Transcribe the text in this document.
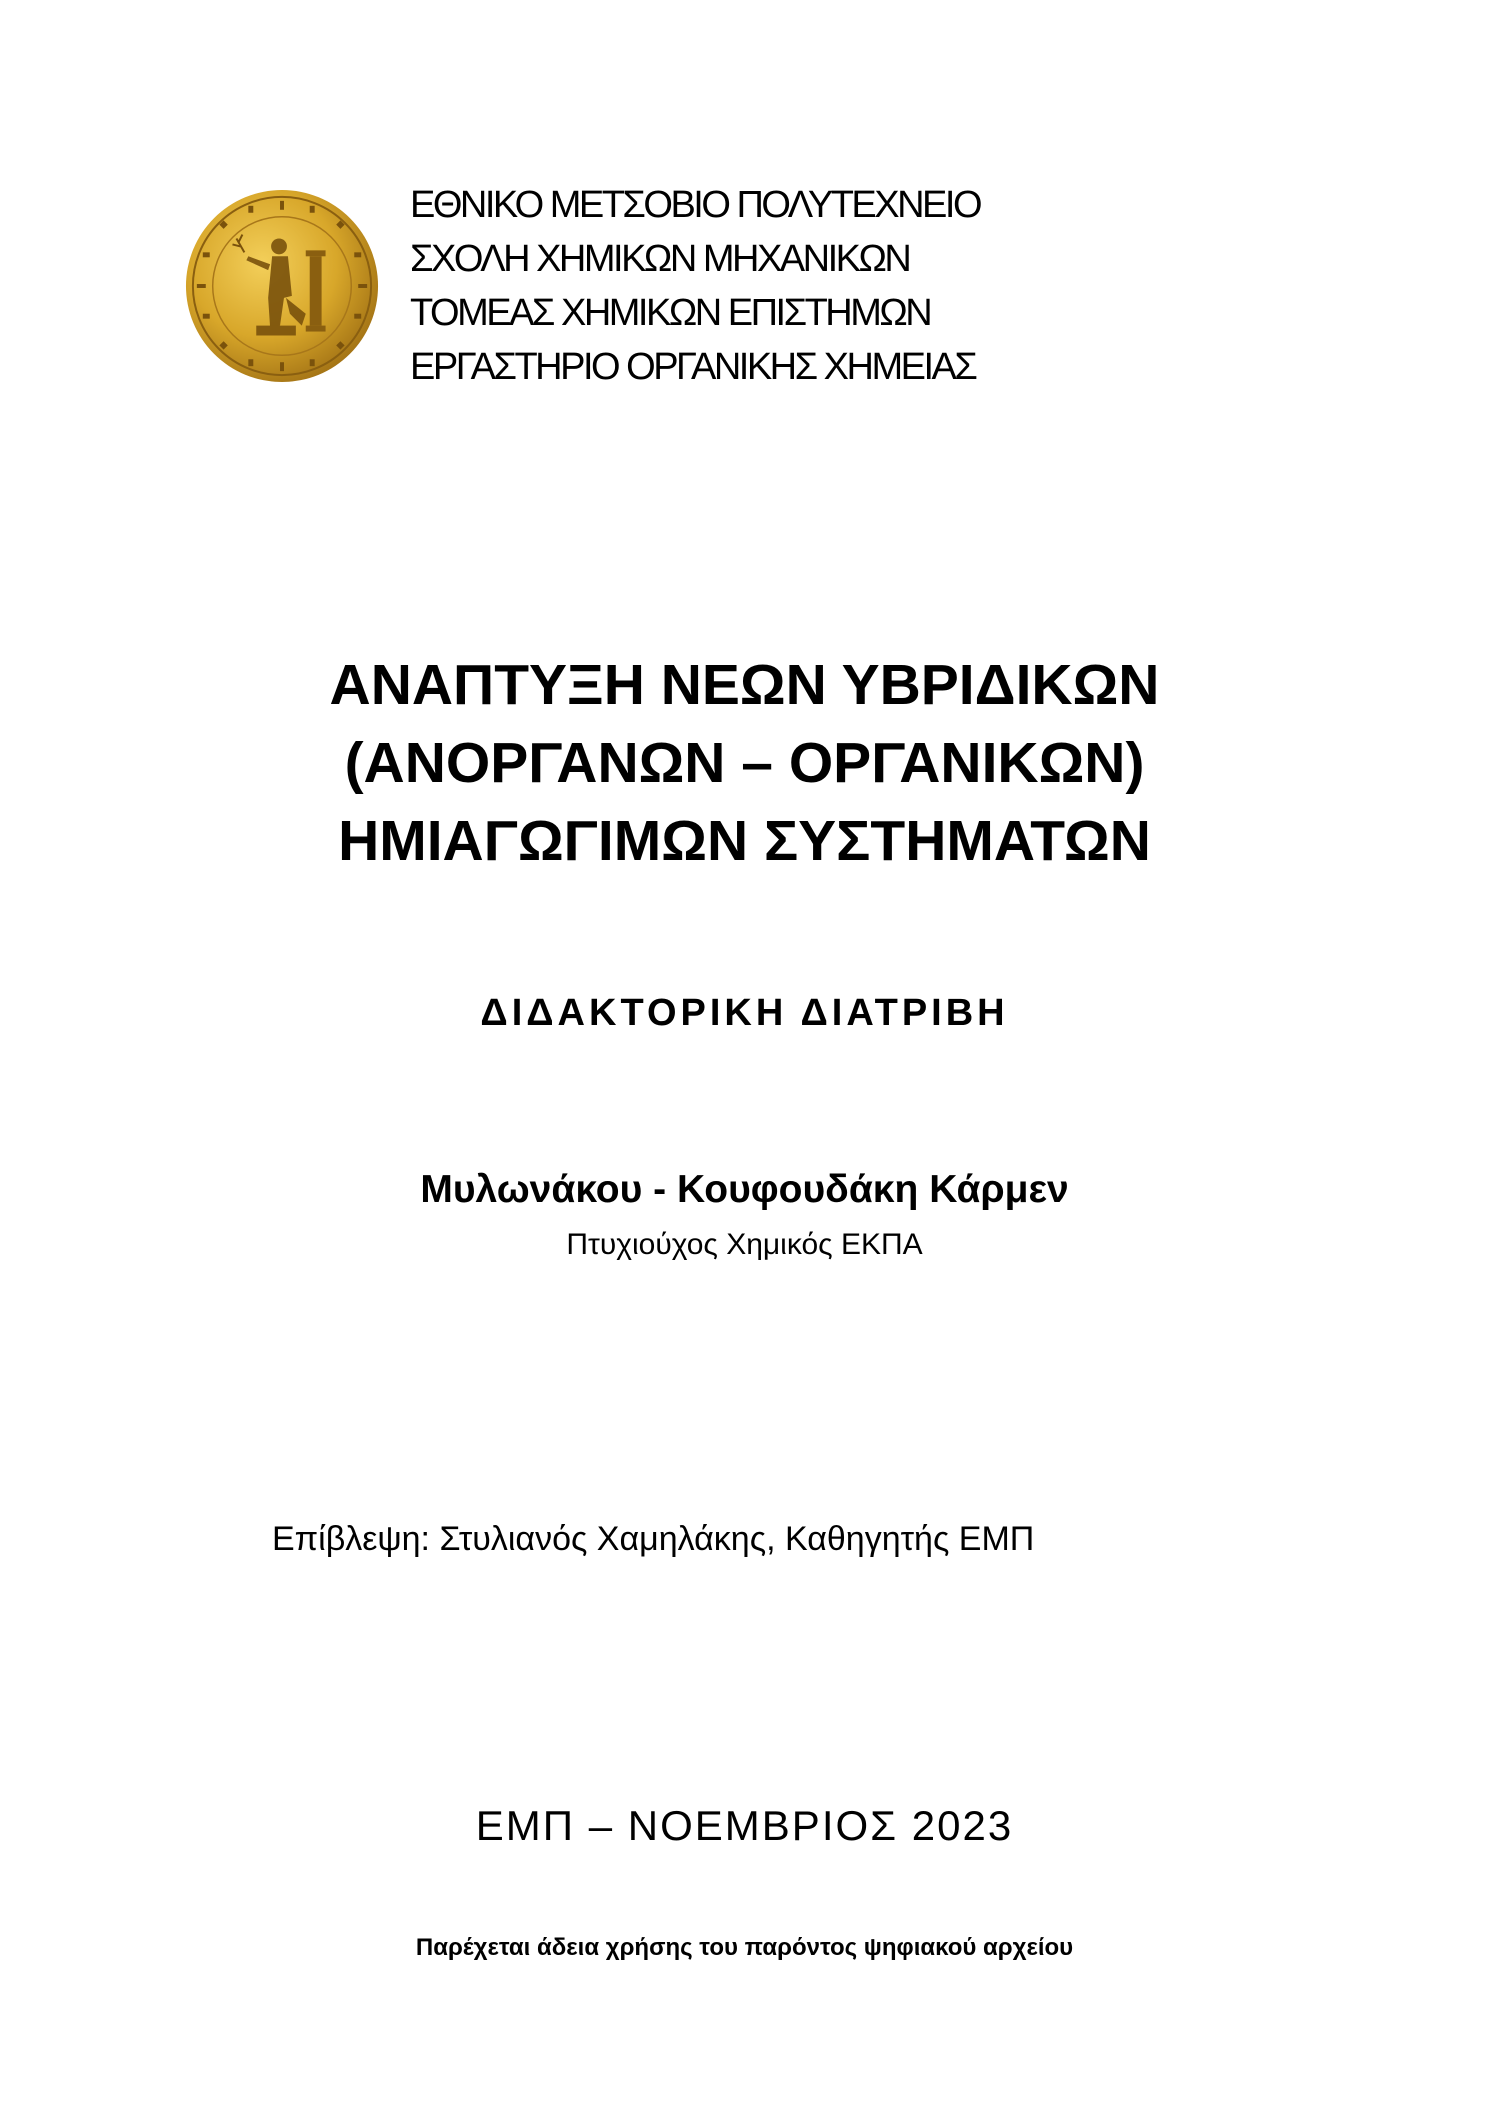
ΕΘΝΙΚΟ ΜΕΤΣΟΒΙΟ ΠΟΛΥΤΕΧΝΕΙΟ
ΣΧΟΛΗ ΧΗΜΙΚΩΝ ΜΗΧΑΝΙΚΩΝ
ΤΟΜΕΑΣ ΧΗΜΙΚΩΝ ΕΠΙΣΤΗΜΩΝ
ΕΡΓΑΣΤΗΡΙΟ ΟΡΓΑΝΙΚΗΣ ΧΗΜΕΙΑΣ
ΑΝΑΠΤΥΞΗ ΝΕΩΝ ΥΒΡΙΔΙΚΩΝ
(ΑΝΟΡΓΑΝΩΝ – ΟΡΓΑΝΙΚΩΝ)
ΗΜΙΑΓΩΓΙΜΩΝ ΣΥΣΤΗΜΑΤΩΝ
ΔΙΔΑΚΤΟΡΙΚΗ ΔΙΑΤΡΙΒΗ
Μυλωνάκου - Κουφουδάκη Κάρμεν
Πτυχιούχος Χημικός ΕΚΠΑ
Επίβλεψη: Στυλιανός Χαμηλάκης, Καθηγητής ΕΜΠ
ΕΜΠ – ΝΟΕΜΒΡΙΟΣ 2023
Παρέχεται άδεια χρήσης του παρόντος ψηφιακού αρχείου
